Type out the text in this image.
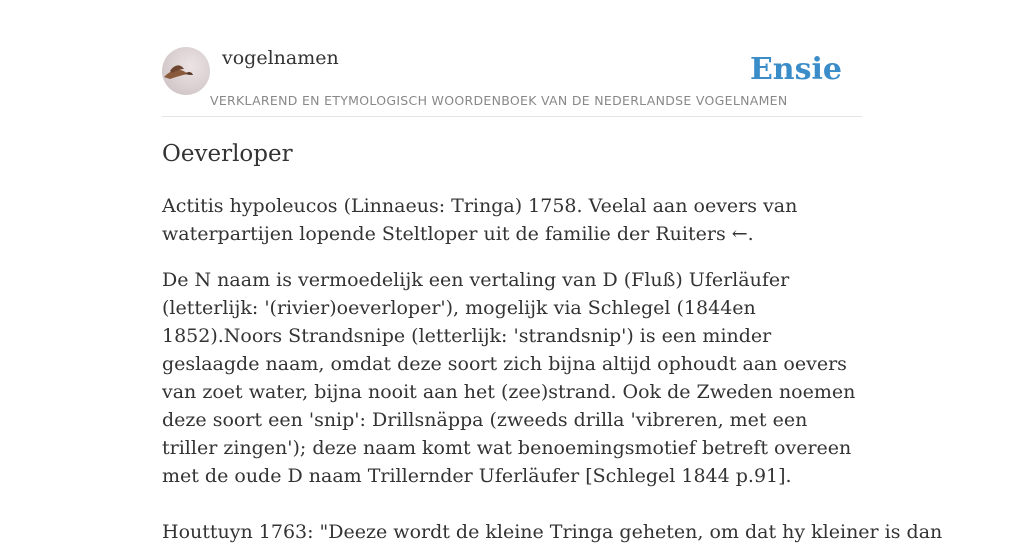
vogelnamen	Ensie
VERKLAREND EN ETYMOLOGISCH WOORDENBOEK VAN DE NEDERLANDSE VOGELNAMEN
Oeverloper

Actitis hypoleucos (Linnaeus: Tringa) 1758. Veelal aan oevers van waterpartijen lopende Steltloper uit de familie der Ruiters ←.

De N naam is vermoedelijk een vertaling van D (Fluß) Uferläufer (letterlijk: '(rivier)oeverloper'), mogelijk via Schlegel (1844en 1852).Noors Strandsnipe (letterlijk: 'strandsnip') is een minder geslaagde naam, omdat deze soort zich bijna altijd ophoudt aan oevers van zoet water, bijna nooit aan het (zee)strand. Ook de Zweden noemen deze soort een 'snip': Drillsnäppa (zweeds drilla 'vibreren, met een triller zingen'); deze naam komt wat benoemingsmotief betreft overeen met de oude D naam Trillernder Uferläufer [Schlegel 1844 p.91].

Houttuyn 1763: "Deeze wordt de kleine Tringa geheten, om dat hy kleiner is dan
